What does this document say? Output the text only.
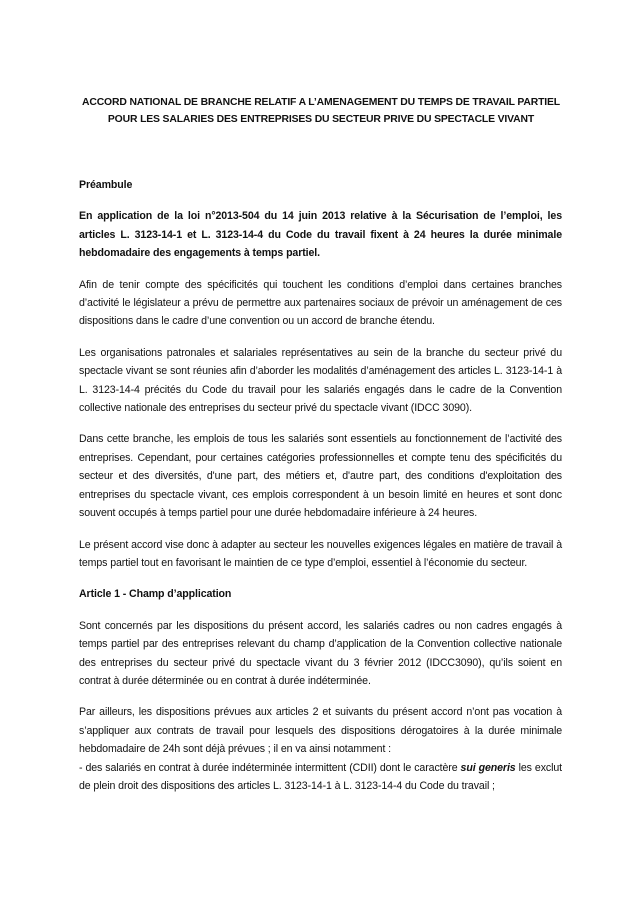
ACCORD NATIONAL DE BRANCHE RELATIF A L’AMENAGEMENT DU TEMPS DE TRAVAIL PARTIEL
POUR LES SALARIES DES ENTREPRISES DU SECTEUR PRIVE DU SPECTACLE VIVANT
Préambule

En application de la loi n°2013-504 du 14 juin 2013 relative à la Sécurisation de l’emploi, les articles L. 3123-14-1 et L. 3123-14-4 du Code du travail fixent à 24 heures la durée minimale hebdomadaire des engagements à temps partiel.

Afin de tenir compte des spécificités qui touchent les conditions d’emploi dans certaines branches d’activité le législateur a prévu de permettre aux partenaires sociaux de prévoir un aménagement de ces dispositions dans le cadre d’une convention ou un accord de branche étendu.

Les organisations patronales et salariales représentatives au sein de la branche du secteur privé du spectacle vivant se sont réunies afin d’aborder les modalités d’aménagement des articles L. 3123-14-1 à L. 3123-14-4 précités du Code du travail pour les salariés engagés dans le cadre de la Convention collective nationale des entreprises du secteur privé du spectacle vivant (IDCC 3090).

Dans cette branche, les emplois de tous les salariés sont essentiels au fonctionnement de l’activité des entreprises. Cependant, pour certaines catégories professionnelles et compte tenu des spécificités du secteur et des diversités, d'une part, des métiers et, d'autre part, des conditions d'exploitation des entreprises du spectacle vivant, ces emplois correspondent à un besoin limité en heures et sont donc souvent occupés à temps partiel pour une durée hebdomadaire inférieure à 24 heures.

Le présent accord vise donc à adapter au secteur les nouvelles exigences légales en matière de travail à temps partiel tout en favorisant le maintien de ce type d’emploi, essentiel à l’économie du secteur.

Article 1 - Champ d’application

Sont concernés par les dispositions du présent accord, les salariés cadres ou non cadres engagés à temps partiel par des entreprises relevant du champ d’application de la Convention collective nationale des entreprises du secteur privé du spectacle vivant du 3 février 2012 (IDCC3090), qu’ils soient en contrat à durée déterminée ou en contrat à durée indéterminée.

Par ailleurs, les dispositions prévues aux articles 2 et suivants du présent accord n’ont pas vocation à s’appliquer aux contrats de travail pour lesquels des dispositions dérogatoires à la durée minimale hebdomadaire de 24h sont déjà prévues ; il en va ainsi notamment :
- des salariés en contrat à durée indéterminée intermittent (CDII) dont le caractère sui generis les exclut de plein droit des dispositions des articles L. 3123-14-1 à L. 3123-14-4 du Code du travail ;
